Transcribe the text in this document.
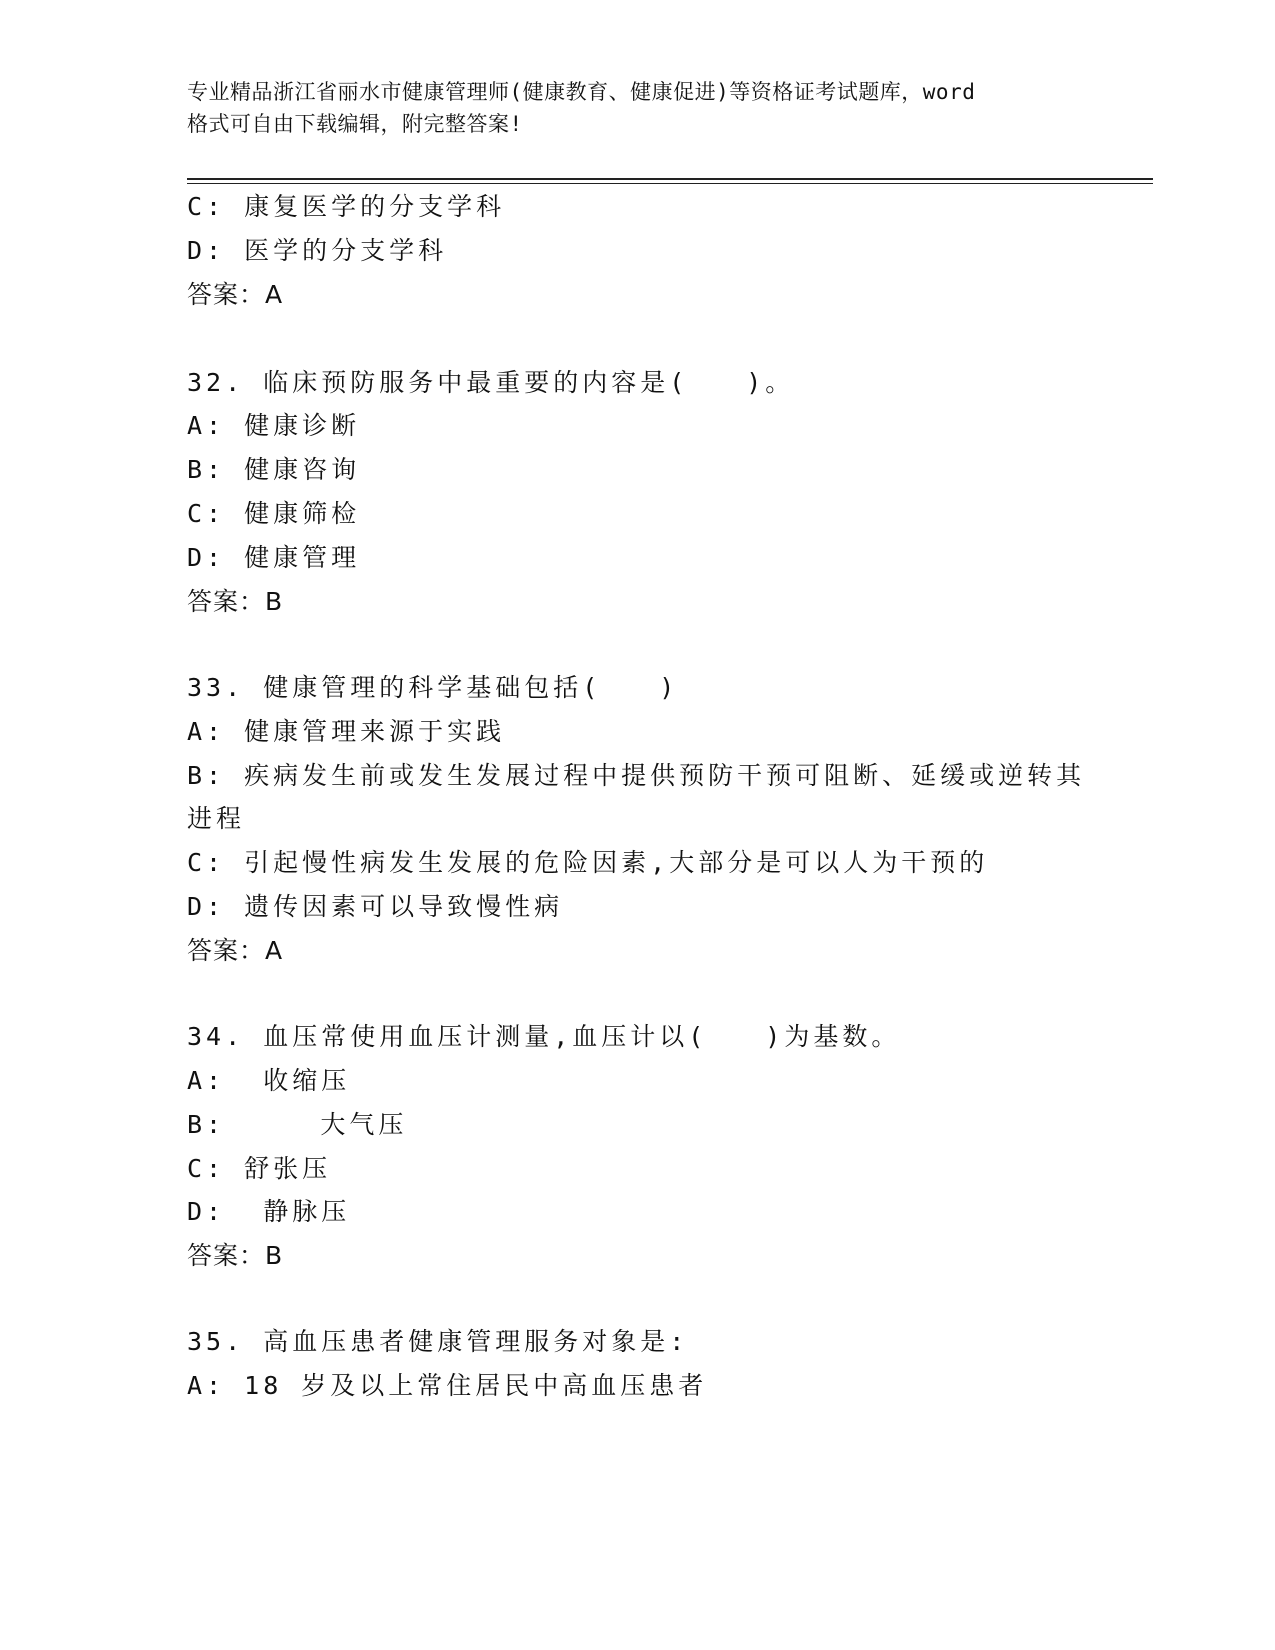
专业精品浙江省丽水市健康管理师(健康教育、健康促进)等资格证考试题库，word
格式可自由下载编辑，附完整答案!
C: 康复医学的分支学科
D: 医学的分支学科
答案：A
32. 临床预防服务中最重要的内容是(　　)。
A: 健康诊断
B: 健康咨询
C: 健康筛检
D: 健康管理
答案：B
33. 健康管理的科学基础包括(　　)
A: 健康管理来源于实践
B: 疾病发生前或发生发展过程中提供预防干预可阻断、延缓或逆转其
进程
C: 引起慢性病发生发展的危险因素,大部分是可以人为干预的
D: 遗传因素可以导致慢性病
答案：A
34. 血压常使用血压计测量,血压计以(　　)为基数。
A:  收缩压
B:     大气压
C: 舒张压
D:  静脉压
答案：B
35. 高血压患者健康管理服务对象是:
A: 18 岁及以上常住居民中高血压患者
